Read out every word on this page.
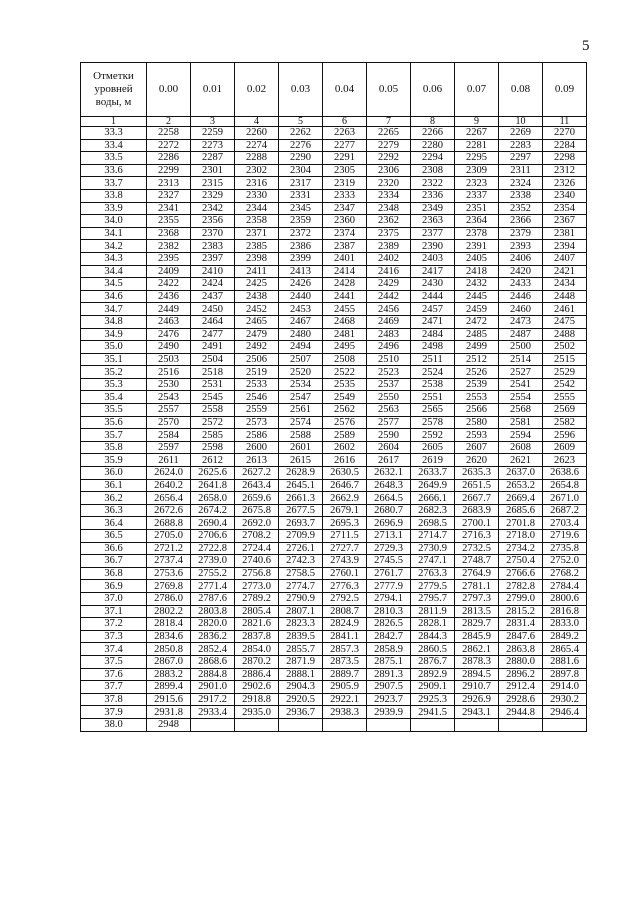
5
Отметки уровней воды, м	0.00	0.01	0.02	0.03	0.04	0.05	0.06	0.07	0.08	0.09
1	2	3	4	5	6	7	8	9	10	11
33.3	2258	2259	2260	2262	2263	2265	2266	2267	2269	2270
33.4	2272	2273	2274	2276	2277	2279	2280	2281	2283	2284
33.5	2286	2287	2288	2290	2291	2292	2294	2295	2297	2298
33.6	2299	2301	2302	2304	2305	2306	2308	2309	2311	2312
33.7	2313	2315	2316	2317	2319	2320	2322	2323	2324	2326
33.8	2327	2329	2330	2331	2333	2334	2336	2337	2338	2340
33.9	2341	2342	2344	2345	2347	2348	2349	2351	2352	2354
34.0	2355	2356	2358	2359	2360	2362	2363	2364	2366	2367
34.1	2368	2370	2371	2372	2374	2375	2377	2378	2379	2381
34.2	2382	2383	2385	2386	2387	2389	2390	2391	2393	2394
34.3	2395	2397	2398	2399	2401	2402	2403	2405	2406	2407
34.4	2409	2410	2411	2413	2414	2416	2417	2418	2420	2421
34.5	2422	2424	2425	2426	2428	2429	2430	2432	2433	2434
34.6	2436	2437	2438	2440	2441	2442	2444	2445	2446	2448
34.7	2449	2450	2452	2453	2455	2456	2457	2459	2460	2461
34.8	2463	2464	2465	2467	2468	2469	2471	2472	2473	2475
34.9	2476	2477	2479	2480	2481	2483	2484	2485	2487	2488
35.0	2490	2491	2492	2494	2495	2496	2498	2499	2500	2502
35.1	2503	2504	2506	2507	2508	2510	2511	2512	2514	2515
35.2	2516	2518	2519	2520	2522	2523	2524	2526	2527	2529
35.3	2530	2531	2533	2534	2535	2537	2538	2539	2541	2542
35.4	2543	2545	2546	2547	2549	2550	2551	2553	2554	2555
35.5	2557	2558	2559	2561	2562	2563	2565	2566	2568	2569
35.6	2570	2572	2573	2574	2576	2577	2578	2580	2581	2582
35.7	2584	2585	2586	2588	2589	2590	2592	2593	2594	2596
35.8	2597	2598	2600	2601	2602	2604	2605	2607	2608	2609
35.9	2611	2612	2613	2615	2616	2617	2619	2620	2621	2623
36.0	2624.0	2625.6	2627.2	2628.9	2630.5	2632.1	2633.7	2635.3	2637.0	2638.6
36.1	2640.2	2641.8	2643.4	2645.1	2646.7	2648.3	2649.9	2651.5	2653.2	2654.8
36.2	2656.4	2658.0	2659.6	2661.3	2662.9	2664.5	2666.1	2667.7	2669.4	2671.0
36.3	2672.6	2674.2	2675.8	2677.5	2679.1	2680.7	2682.3	2683.9	2685.6	2687.2
36.4	2688.8	2690.4	2692.0	2693.7	2695.3	2696.9	2698.5	2700.1	2701.8	2703.4
36.5	2705.0	2706.6	2708.2	2709.9	2711.5	2713.1	2714.7	2716.3	2718.0	2719.6
36.6	2721.2	2722.8	2724.4	2726.1	2727.7	2729.3	2730.9	2732.5	2734.2	2735.8
36.7	2737.4	2739.0	2740.6	2742.3	2743.9	2745.5	2747.1	2748.7	2750.4	2752.0
36.8	2753.6	2755.2	2756.8	2758.5	2760.1	2761.7	2763.3	2764.9	2766.6	2768.2
36.9	2769.8	2771.4	2773.0	2774.7	2776.3	2777.9	2779.5	2781.1	2782.8	2784.4
37.0	2786.0	2787.6	2789.2	2790.9	2792.5	2794.1	2795.7	2797.3	2799.0	2800.6
37.1	2802.2	2803.8	2805.4	2807.1	2808.7	2810.3	2811.9	2813.5	2815.2	2816.8
37.2	2818.4	2820.0	2821.6	2823.3	2824.9	2826.5	2828.1	2829.7	2831.4	2833.0
37.3	2834.6	2836.2	2837.8	2839.5	2841.1	2842.7	2844.3	2845.9	2847.6	2849.2
37.4	2850.8	2852.4	2854.0	2855.7	2857.3	2858.9	2860.5	2862.1	2863.8	2865.4
37.5	2867.0	2868.6	2870.2	2871.9	2873.5	2875.1	2876.7	2878.3	2880.0	2881.6
37.6	2883.2	2884.8	2886.4	2888.1	2889.7	2891.3	2892.9	2894.5	2896.2	2897.8
37.7	2899.4	2901.0	2902.6	2904.3	2905.9	2907.5	2909.1	2910.7	2912.4	2914.0
37.8	2915.6	2917.2	2918.8	2920.5	2922.1	2923.7	2925.3	2926.9	2928.6	2930.2
37.9	2931.8	2933.4	2935.0	2936.7	2938.3	2939.9	2941.5	2943.1	2944.8	2946.4
38.0	2948									
